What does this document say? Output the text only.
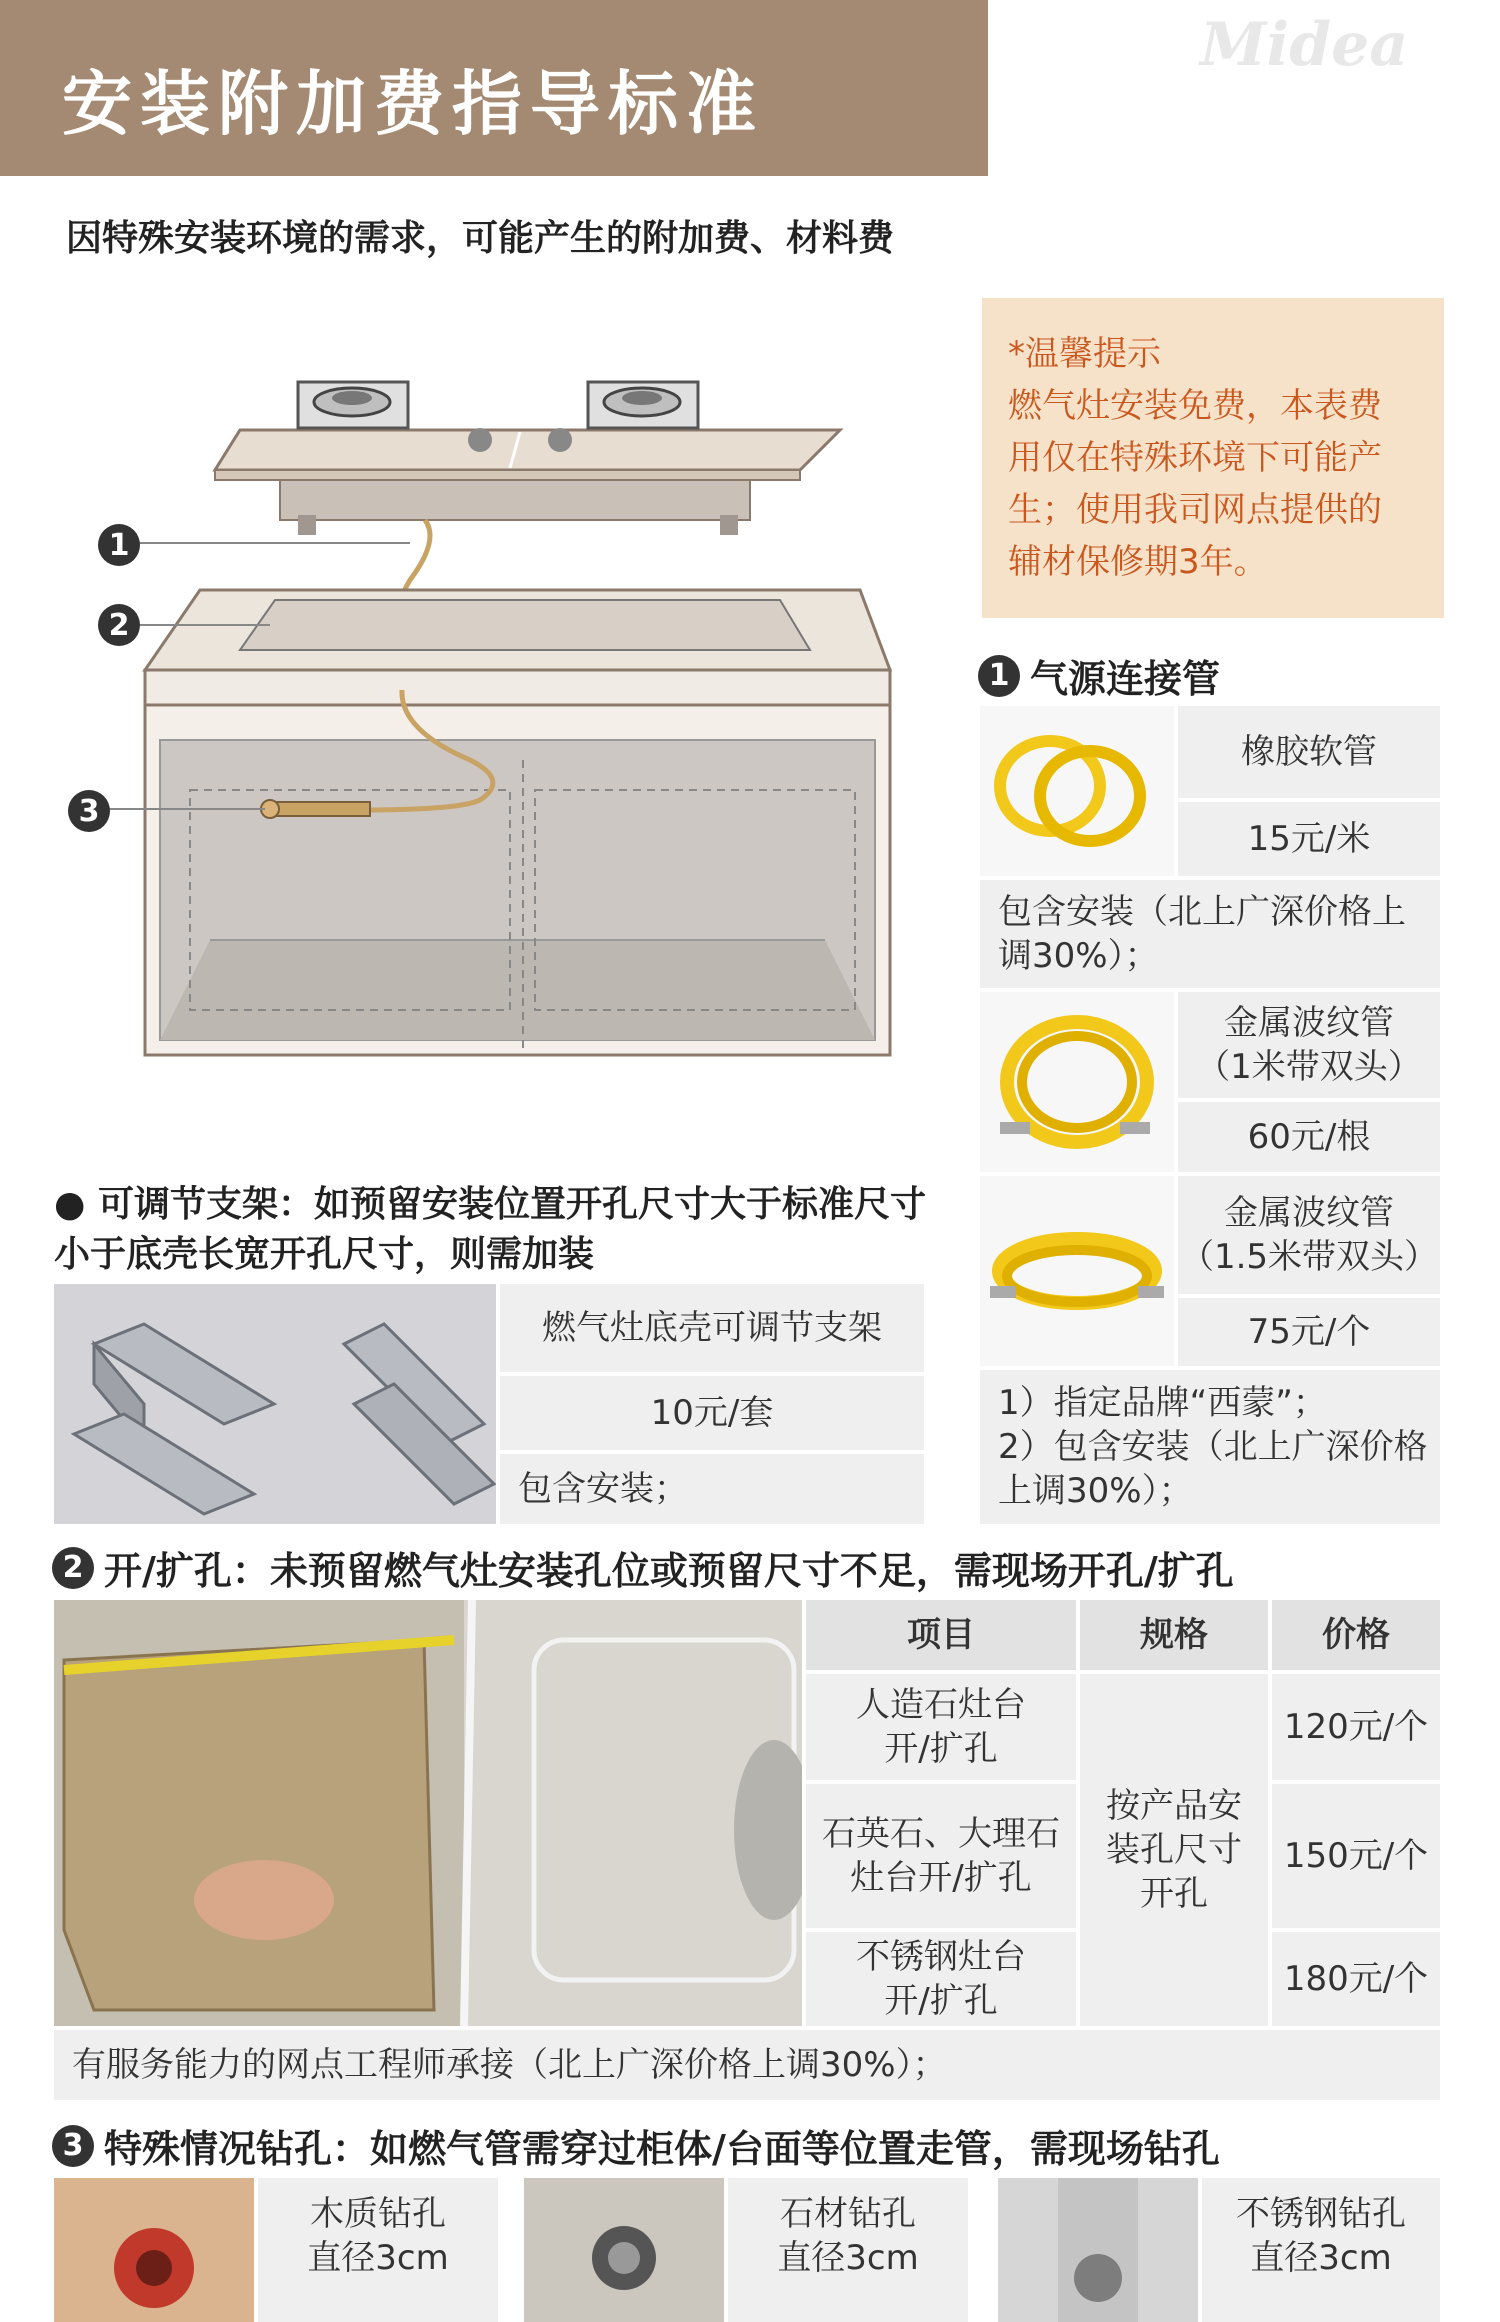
安装附加费指导标准
因特殊安装环境的需求，可能产生的附加费、材料费
Midea
*温馨提示
燃气灶安装免费，本表费
用仅在特殊环境下可能产
生；使用我司网点提供的
辅材保修期3年。
1
2
3
1 气源连接管
橡胶软管
15元/米
包含安装（北上广深价格上调30%）；
金属波纹管
（1米带双头）
60元/根
金属波纹管
（1.5米带双头）
75元/个
1）指定品牌“西蒙”；
2）包含安装（北上广深价格上调30%）；
● 可调节支架：如预留安装位置开孔尺寸大于标准尺寸小于底壳长宽开孔尺寸，则需加装
燃气灶底壳可调节支架
10元/套
包含安装；
2 开/扩孔：未预留燃气灶安装孔位或预留尺寸不足，需现场开孔/扩孔
项目	规格	价格
人造石灶台开/扩孔
石英石、大理石灶台开/扩孔
不锈钢灶台开/扩孔
按产品安装孔尺寸开孔
120元/个
150元/个
180元/个
有服务能力的网点工程师承接（北上广深价格上调30%）；
3 特殊情况钻孔：如燃气管需穿过柜体/台面等位置走管，需现场钻孔
木质钻孔
直径3cm
石材钻孔
直径3cm
不锈钢钻孔
直径3cm
